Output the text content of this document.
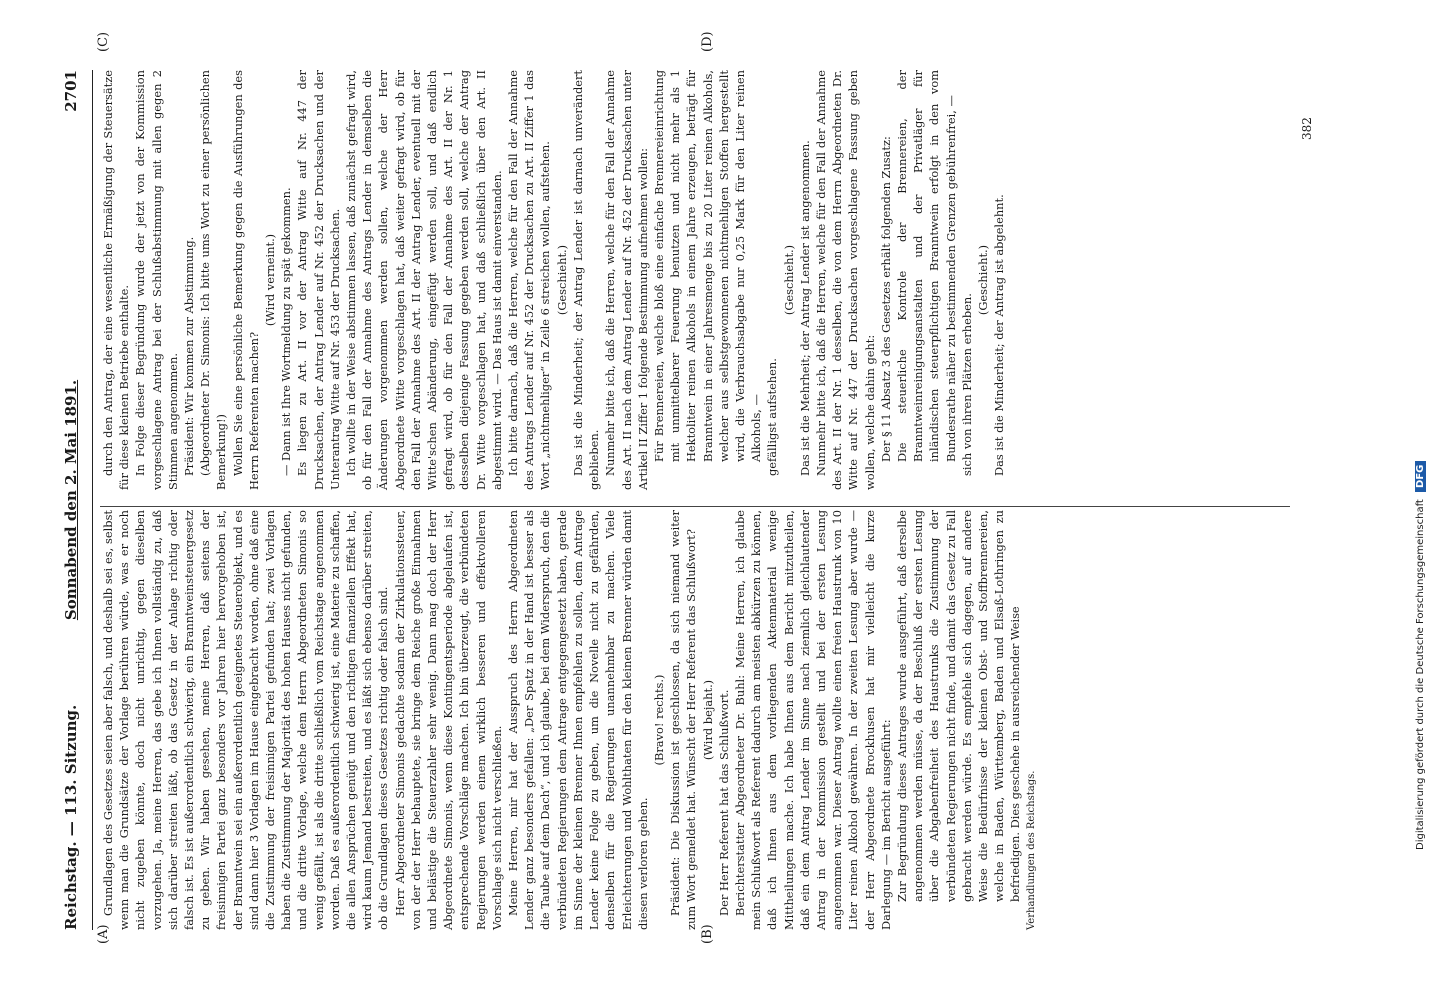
Reichstag. — 113. Sitzung.
Sonnabend den 2. Mai 1891.
2701
(A)	(B)
(C)	(D)

Grundlagen des Gesetzes seien aber falsch, und deshalb sei es, selbst wenn man die Grundsätze der Vorlage berühren würde, was er noch nicht zugeben könnte, doch nicht unrichtig, gegen dieselben vorzugehen. Ja, meine Herren, das gebe ich Ihnen vollständig zu, daß sich darüber streiten läßt, ob das Gesetz in der Anlage richtig oder falsch ist. Es ist außerordentlich schwierig, ein Branntweinsteuergesetz zu geben. Wir haben gesehen, meine Herren, daß seitens der freisinnigen Partei ganz besonders vor Jahren hier hervorgehoben ist, der Branntwein sei ein außerordentlich geeignetes Steuerobjekt, und es sind dann hier 3 Vorlagen im Hause eingebracht worden, ohne daß eine die Zustimmung der freisinnigen Partei gefunden hat; zwei Vorlagen haben die Zustimmung der Majorität des hohen Hauses nicht gefunden, und die dritte Vorlage, welche dem Herrn Abgeordneten Simonis so wenig gefällt, ist als die dritte schließlich vom Reichstage angenommen worden. Daß es außerordentlich schwierig ist, eine Materie zu schaffen, die allen Ansprüchen genügt und den richtigen finanziellen Effekt hat, wird kaum Jemand bestreiten, und es läßt sich ebenso darüber streiten, ob die Grundlagen dieses Gesetzes richtig oder falsch sind. Herr Abgeordneter Simonis gedachte sodann der Zirkulationssteuer, von der der Herr behauptete, sie bringe dem Reiche große Einnahmen und belästige die Steuerzahler sehr wenig. Dann mag doch der Herr Abgeordnete Simonis, wenn diese Kontingentsperiode abgelaufen ist, entsprechende Vorschläge machen. Ich bin überzeugt, die verbündeten Regierungen werden einem wirklich besseren und effektvolleren Vorschlage sich nicht verschließen. Meine Herren, mir hat der Ausspruch des Herrn Abgeordneten Lender ganz besonders gefallen: „Der Spatz in der Hand ist besser als die Taube auf dem Dach“, und ich glaube, bei dem Widerspruch, den die verbündeten Regierungen dem Antrage entgegengesetzt haben, gerade im Sinne der kleinen Brenner Ihnen empfehlen zu sollen, dem Antrage Lender keine Folge zu geben, um die Novelle nicht zu gefährden, denselben für die Regierungen unannehmbar zu machen. Viele Erleichterungen und Wohlthaten für den kleinen Brenner würden damit diesen verloren gehen.

(Bravo! rechts.) Präsident: Die Diskussion ist geschlossen, da sich niemand weiter zum Wort gemeldet hat. Wünscht der Herr Referent das Schlußwort? (Wird bejaht.) Der Herr Referent hat das Schlußwort. Berichterstatter Abgeordneter Dr. Buhl: Meine Herren, ich glaube mein Schlußwort als Referent dadurch am meisten abkürzen zu können, daß ich Ihnen aus dem vorliegenden Aktenmaterial wenige Mittheilungen mache. Ich habe Ihnen aus dem Bericht mitzutheilen, daß ein dem Antrag Lender im Sinne nach ziemlich gleichlautender Antrag in der Kommission gestellt und bei der ersten Lesung angenommen war. Dieser Antrag wollte einen freien Haustrunk von 10 Liter reinen Alkohol gewähren. In der zweiten Lesung aber wurde — der Herr Abgeordnete Brockhusen hat mir vielleicht die kurze Darlegung — im Bericht ausgeführt: Zur Begründung dieses Antrages wurde ausgeführt, daß derselbe angenommen werden müsse, da der Beschluß der ersten Lesung über die Abgabenfreiheit des Haustrunks die Zustimmung der verbündeten Regierungen nicht finde, und damit das Gesetz zu Fall gebracht werden würde. Es empfehle sich dagegen, auf andere Weise die Bedürfnisse der kleinen Obst- und Stoffbrennereien, welche in Baden, Württemberg, Baden und Elsaß-Lothringen zu befriedigen. Dies geschehe in ausreichender Weise Verhandlungen des Reichstags.

durch den Antrag, der eine wesentliche Ermäßigung der Steuersätze für diese kleinen Betriebe enthalte. In Folge dieser Begründung wurde der jetzt von der Kommission vorgeschlagene Antrag bei der Schlußabstimmung mit allen gegen 2 Stimmen angenommen. Präsident: Wir kommen zur Abstimmung. (Abgeordneter Dr. Simonis: Ich bitte ums Wort zu einer persönlichen Bemerkung!) Wollen Sie eine persönliche Bemerkung gegen die Ausführungen des Herrn Referenten machen?

(Wird verneint.) — Dann ist Ihre Wortmeldung zu spät gekommen. Es liegen zu Art. II vor der Antrag Witte auf Nr. 447 der Drucksachen, der Antrag Lender auf Nr. 452 der Drucksachen und der Unterantrag Witte auf Nr. 453 der Drucksachen. Ich wollte in der Weise abstimmen lassen, daß zunächst gefragt wird, ob für den Fall der Annahme des Antrags Lender in demselben die Änderungen vorgenommen werden sollen, welche der Herr Abgeordnete Witte vorgeschlagen hat, daß weiter gefragt wird, ob für den Fall der Annahme des Art. II der Antrag Lender, eventuell mit der Witte'schen Abänderung, eingefügt werden soll, und daß endlich gefragt wird, ob für den Fall der Annahme des Art. II der Nr. 1 desselben diejenige Fassung gegeben werden soll, welche der Antrag Dr. Witte vorgeschlagen hat, und daß schließlich über den Art. II abgestimmt wird. — Das Haus ist damit einverstanden. Ich bitte darnach, daß die Herren, welche für den Fall der Annahme des Antrags Lender auf Nr. 452 der Drucksachen zu Art. II Ziffer 1 das Wort „nichtmehliger“ in Zeile 6 streichen wollen, aufstehen. (Geschieht.) Das ist die Minderheit; der Antrag Lender ist darnach unverändert geblieben. Nunmehr bitte ich, daß die Herren, welche für den Fall der Annahme des Art. II nach dem Antrag Lender auf Nr. 452 der Drucksachen unter Artikel II Ziffer 1 folgende Bestimmung aufnehmen wollen: Für Brennereien, welche bloß eine einfache Brennereieinrichtung mit unmittelbarer Feuerung benutzen und nicht mehr als 1 Hektoliter reinen Alkohols in einem Jahre erzeugen, beträgt für Branntwein in einer Jahresmenge bis zu 20 Liter reinen Alkohols, welcher aus selbstgewonnenen nichtmehligen Stoffen hergestellt wird, die Verbrauchsabgabe nur 0,25 Mark für den Liter reinen Alkohols, — gefälligst aufstehen.

(Geschieht.) Das ist die Mehrheit; der Antrag Lender ist angenommen. Nunmehr bitte ich, daß die Herren, welche für den Fall der Annahme des Art. II der Nr. 1 desselben, die von dem Herrn Abgeordneten Dr. Witte auf Nr. 447 der Drucksachen vorgeschlagene Fassung geben wollen, welche dahin geht: Der § 11 Absatz 3 des Gesetzes erhält folgenden Zusatz: Die steuerliche Kontrole der Brennereien, der Branntweinreinigungsanstalten und der Privatläger für inländischen steuerpflichtigen Branntwein erfolgt in den vom Bundesrathe näher zu bestimmenden Grenzen gebührenfrei, — sich von ihren Plätzen erheben.

(Geschieht.) Das ist die Minderheit; der Antrag ist abgelehnt.

382
Digitalisierung gefördert durch die Deutsche Forschungsgemeinschaft DFG
